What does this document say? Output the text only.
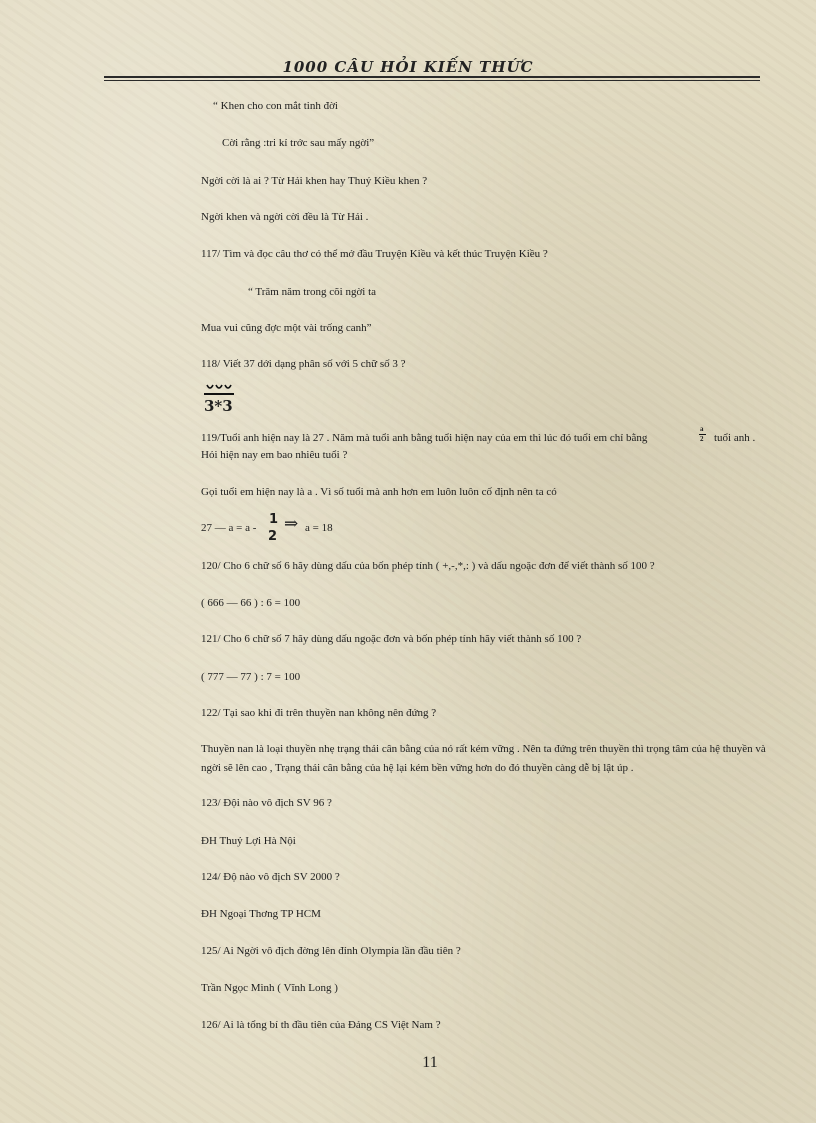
1000 CÂU HỎI KIẾN THỨC
“ Khen cho con mắt tinh đời
Cời rằng :tri kỉ trớc sau mấy ngời”
Ngời cời là ai ? Từ Hải khen hay Thuý Kiều khen ?
Ngời khen và ngời cời đều là Từ Hải .
117/ Tìm và đọc câu thơ có thể mở đầu Truyện Kiều và kết thúc Truyện Kiều ?
“ Trăm năm trong cõi ngời ta
Mua vui cũng đợc một vài trống canh”
118/ Viết 37 dới dạng phân số với 5 chữ số 3 ?
3*3
119/Tuổi anh hiện nay là 27 . Năm mà tuổi anh bằng tuổi hiện nay của em thì lúc đó tuổi em chỉ bằng
a
2 tuổi anh .
Hỏi hiện nay em bao nhiêu tuổi ?
Gọi tuổi em hiện nay là a . Vì số tuổi mà anh hơn em luôn luôn cố định nên ta có
27 — a = a -
1
2
⇒ a = 18
120/ Cho 6 chữ số 6 hãy dùng dấu của bốn phép tính ( +,-,*,: ) và dấu ngoặc đơn để viết thành số 100 ?
( 666 — 66 ) : 6 = 100
121/ Cho 6 chữ số 7 hãy dùng dấu ngoặc đơn và bốn phép tính hãy viết thành số 100 ?
( 777 — 77 ) : 7 = 100
122/ Tại sao khi đi trên thuyền nan không nên đứng ?
Thuyền nan là loại thuyền nhẹ trạng thái cân bằng của nó rất kém vững . Nên ta đứng trên thuyền thì trọng tâm của hệ thuyền và ngời sẽ lên cao , Trạng thái cân bằng của hệ lại kém bền vững hơn do đó thuyền càng dễ bị lật úp .
123/ Đội nào vô địch SV 96 ?
ĐH Thuỷ Lợi Hà Nội
124/ Độ nào vô địch SV 2000 ?
ĐH Ngoại Thơng TP HCM
125/ Ai Ngời vô địch đờng lên đỉnh Olympia lần đầu tiên ?
Trần Ngọc Minh ( Vĩnh Long )
126/ Ai là tổng bí th đầu tiên của Đảng CS Việt Nam ?
11
